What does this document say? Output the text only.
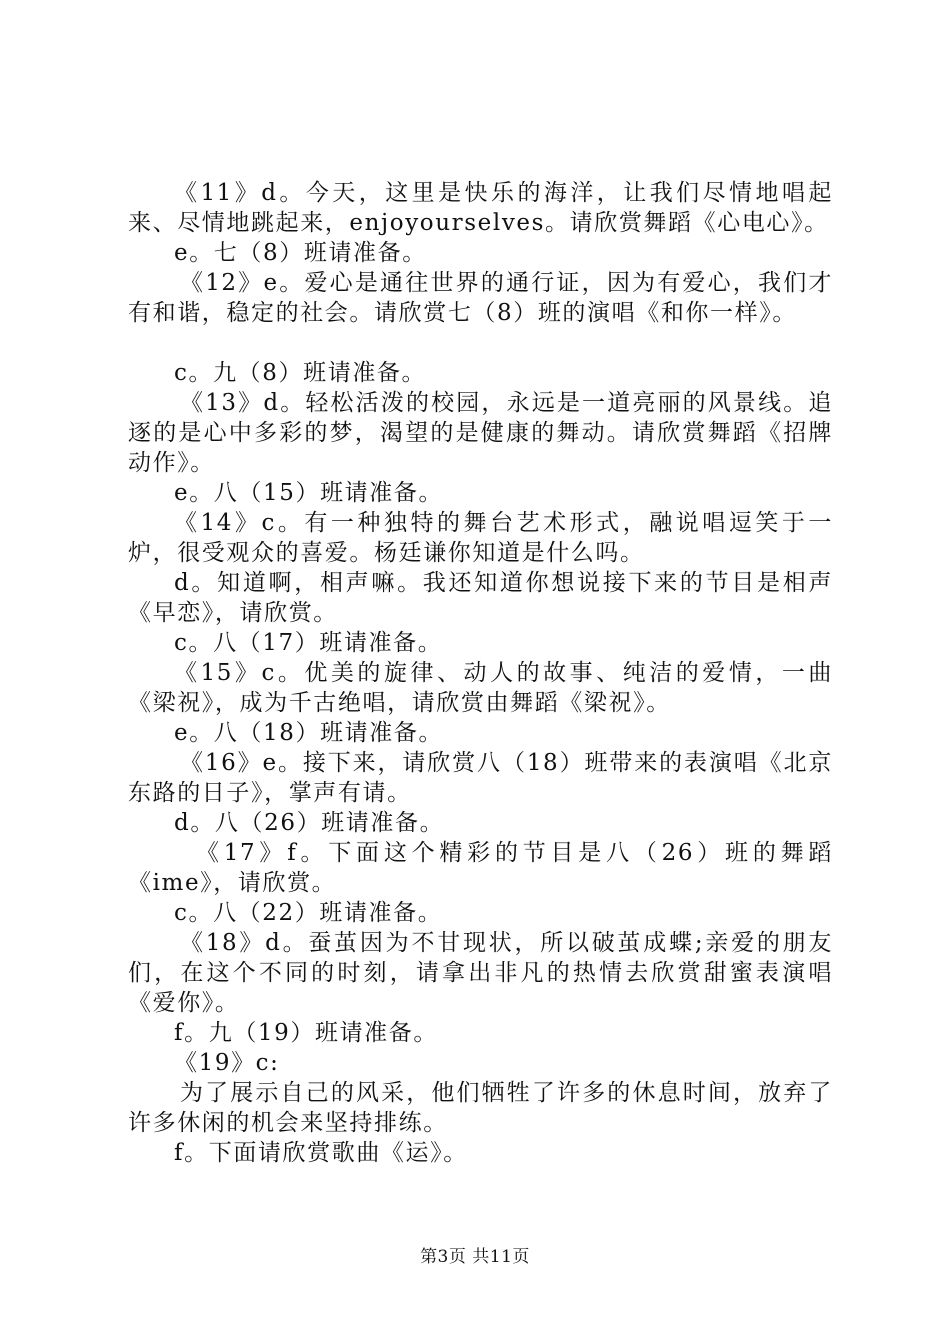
《11》d。今天，这里是快乐的海洋，让我们尽情地唱起来、尽情地跳起来，enjoyourselves。请欣赏舞蹈《心电心》。

e。七（8）班请准备。

《12》e。爱心是通往世界的通行证，因为有爱心，我们才有和谐，稳定的社会。请欣赏七（8）班的演唱《和你一样》。

c。九（8）班请准备。

《13》d。轻松活泼的校园，永远是一道亮丽的风景线。追逐的是心中多彩的梦，渴望的是健康的舞动。请欣赏舞蹈《招牌动作》。

e。八（15）班请准备。

《14》c。有一种独特的舞台艺术形式，融说唱逗笑于一炉，很受观众的喜爱。杨廷谦你知道是什么吗。

d。知道啊，相声嘛。我还知道你想说接下来的节目是相声《早恋》，请欣赏。

c。八（17）班请准备。

《15》c。优美的旋律、动人的故事、纯洁的爱情，一曲《梁祝》，成为千古绝唱，请欣赏由舞蹈《梁祝》。

e。八（18）班请准备。

《16》e。接下来，请欣赏八（18）班带来的表演唱《北京东路的日子》，掌声有请。

d。八（26）班请准备。

《17》f。下面这个精彩的节目是八（26）班的舞蹈《ime》，请欣赏。

c。八（22）班请准备。

《18》d。蚕茧因为不甘现状，所以破茧成蝶;亲爱的朋友们，在这个不同的时刻，请拿出非凡的热情去欣赏甜蜜表演唱《爱你》。

f。九（19）班请准备。

《19》c:

为了展示自己的风采，他们牺牲了许多的休息时间，放弃了许多休闲的机会来坚持排练。

f。下面请欣赏歌曲《运》。

第3页 共11页
